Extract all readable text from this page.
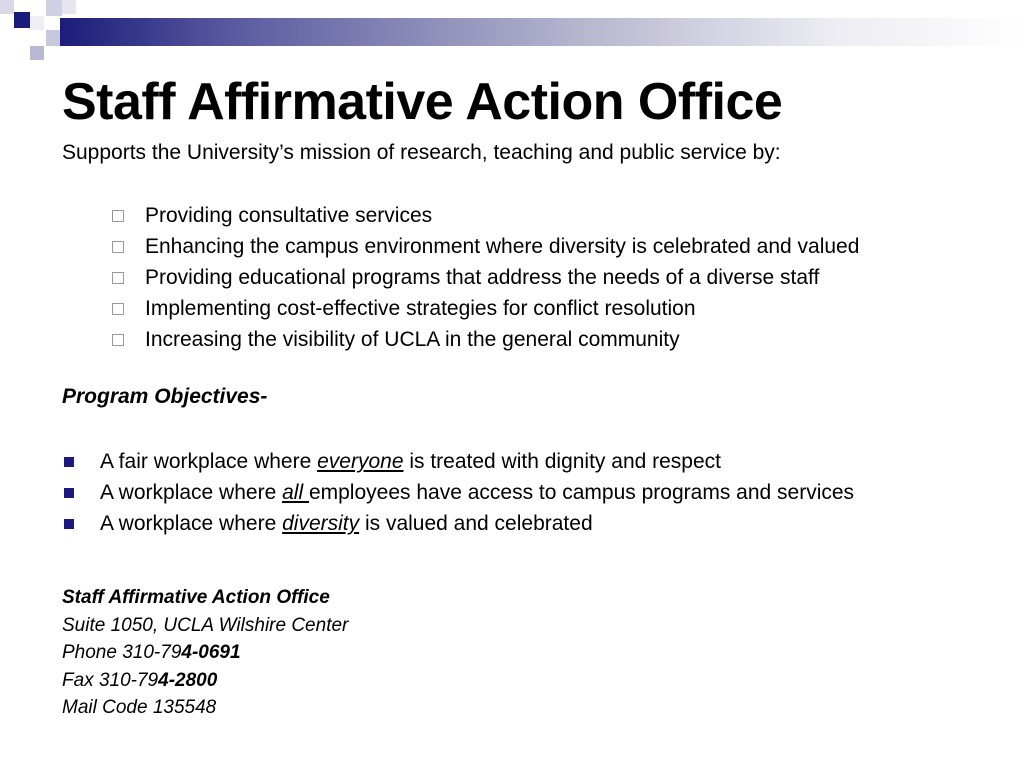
Staff Affirmative Action Office

Supports the University’s mission of research, teaching and public service by:

Providing consultative services
Enhancing the campus environment where diversity is celebrated and valued
Providing educational programs that address the needs of a diverse staff
Implementing cost-effective strategies for conflict resolution
Increasing the visibility of UCLA in the general community

Program Objectives-

A fair workplace where everyone is treated with dignity and respect
A workplace where all employees have access to campus programs and services
A workplace where diversity is valued and celebrated
Staff Affirmative Action Office
Suite 1050, UCLA Wilshire Center
Phone 310-794-0691
Fax 310-794-2800
Mail Code 135548
